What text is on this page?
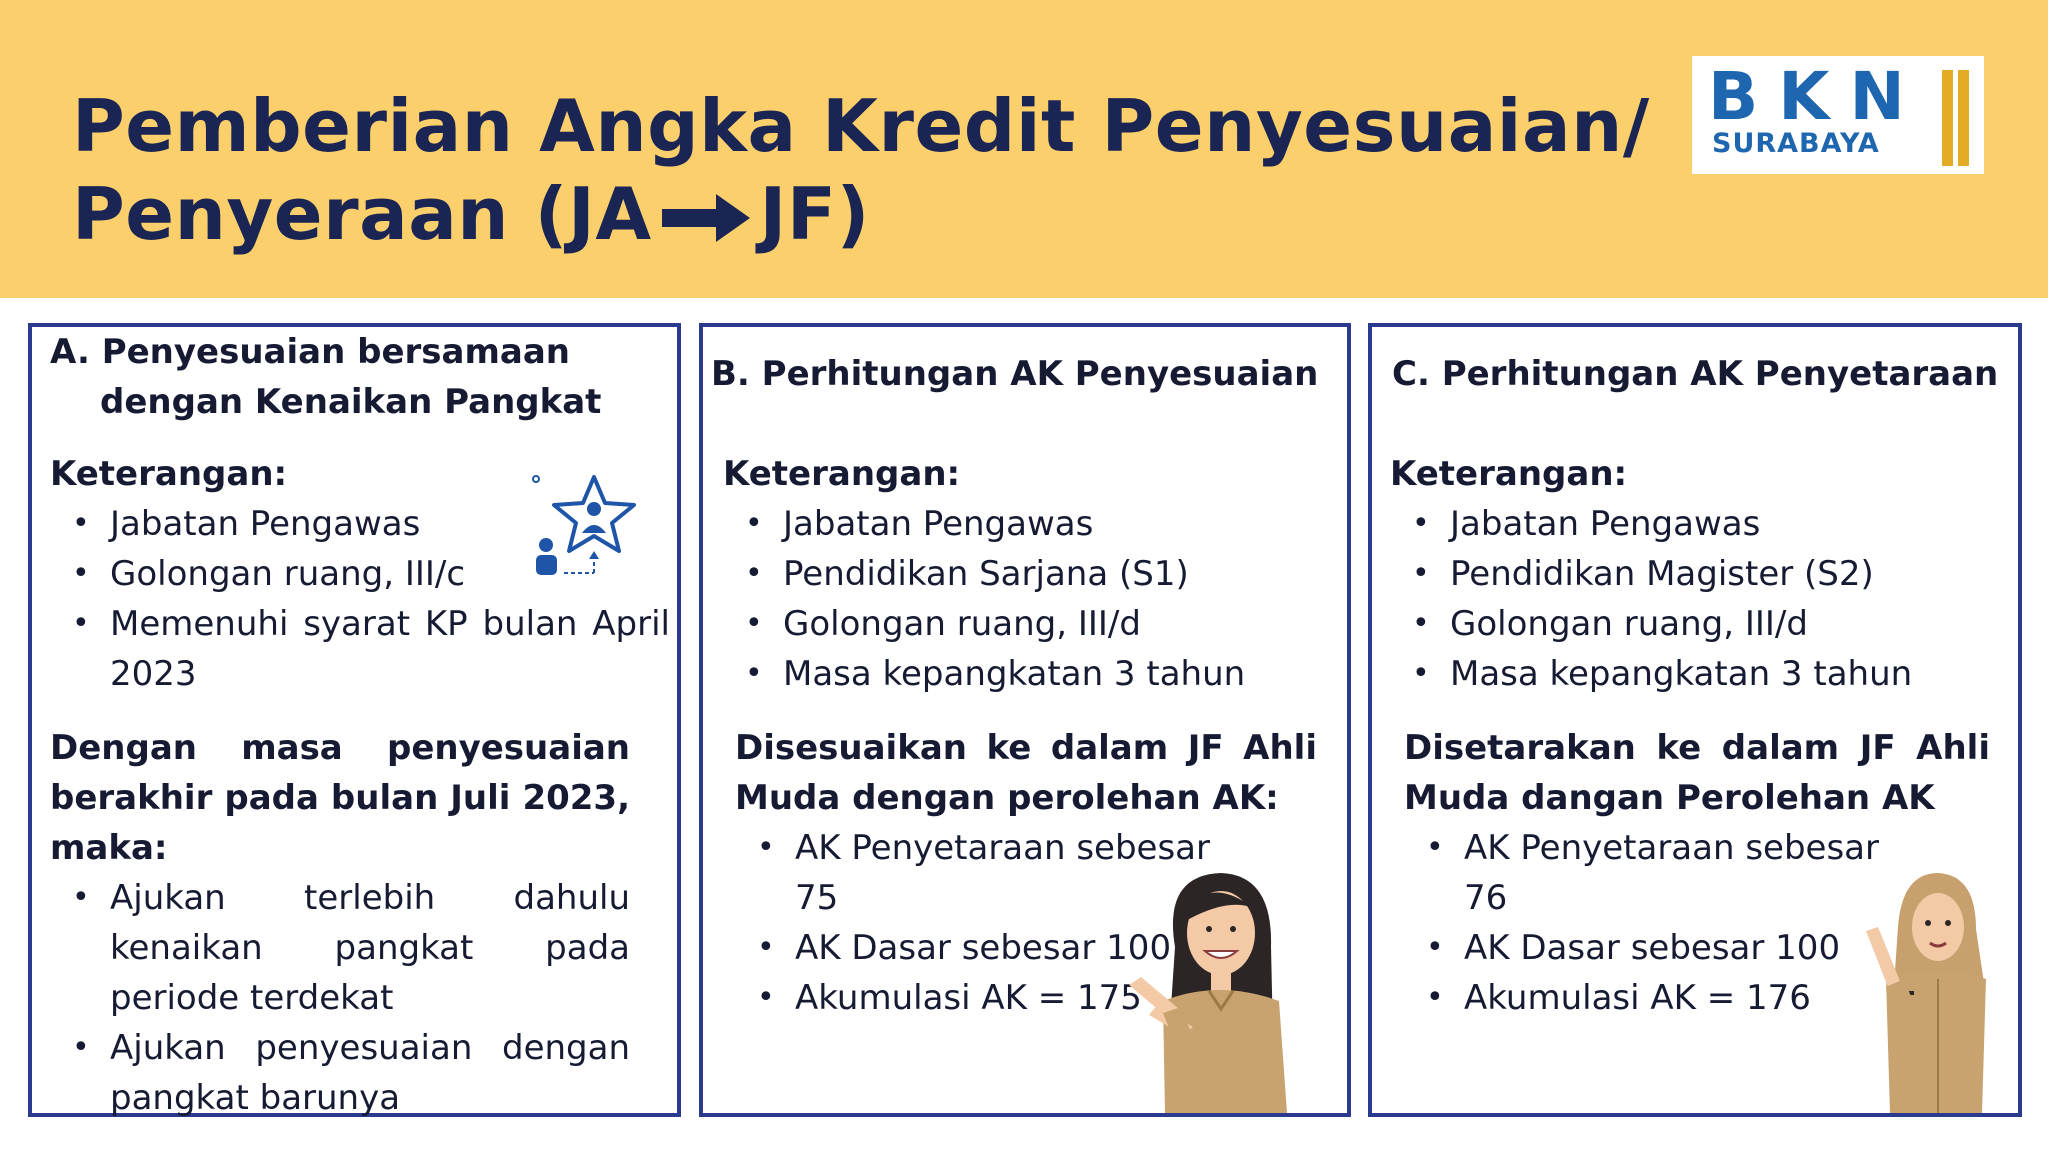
Pemberian Angka Kredit Penyesuaian/
Penyeraan (JA JF)
BKN
SURABAYA
A. Penyesuaian bersamaan
dengan Kenaikan Pangkat
Keterangan:
• Jabatan Pengawas
• Golongan ruang, III/c
• Memenuhi syarat KP bulan April 2023
Dengan masa penyesuaian berakhir pada bulan Juli 2023, maka:
• Ajukan terlebih dahulu kenaikan pangkat pada periode terdekat
• Ajukan penyesuaian dengan pangkat barunya
B. Perhitungan AK Penyesuaian
Keterangan:
• Jabatan Pengawas
• Pendidikan Sarjana (S1)
• Golongan ruang, III/d
• Masa kepangkatan 3 tahun
Disesuaikan ke dalam JF Ahli Muda dengan perolehan AK:
• AK Penyetaraan sebesar 75
• AK Dasar sebesar 100
• Akumulasi AK = 175
C. Perhitungan AK Penyetaraan
Keterangan:
• Jabatan Pengawas
• Pendidikan Magister (S2)
• Golongan ruang, III/d
• Masa kepangkatan 3 tahun
Disetarakan ke dalam JF Ahli Muda dangan Perolehan AK
• AK Penyetaraan sebesar 76
• AK Dasar sebesar 100
• Akumulasi AK = 176
